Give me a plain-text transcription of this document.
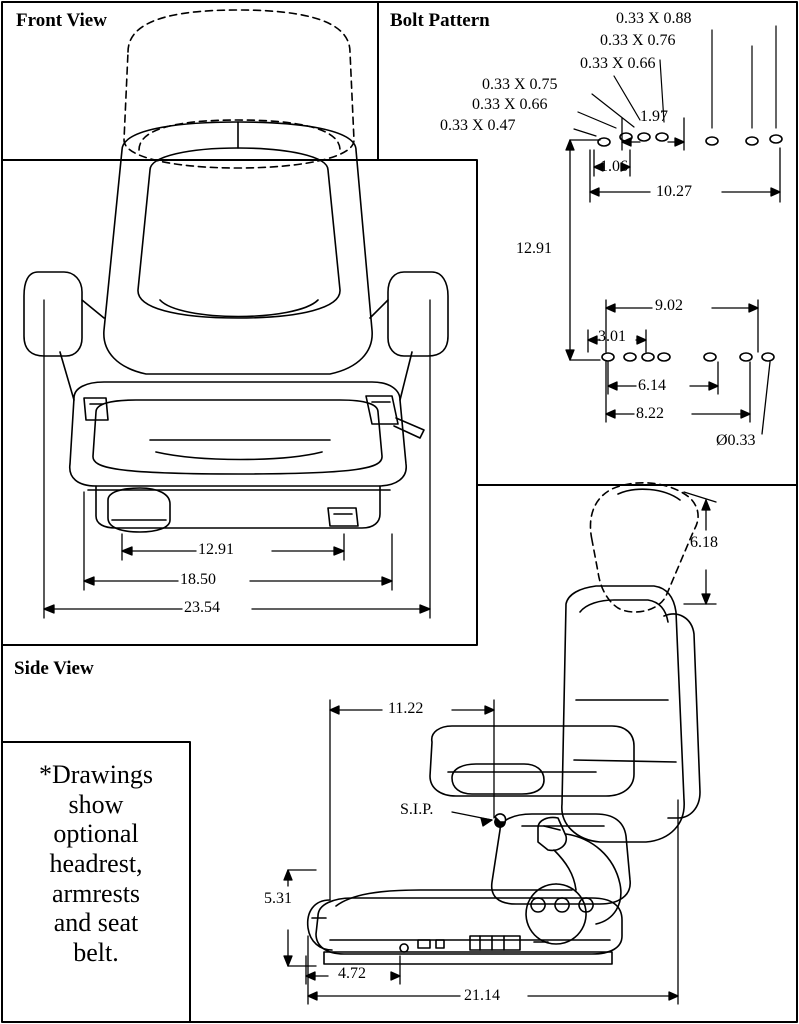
Front View	Bolt Pattern
Side View
12.91
18.50
23.54
0.33 X 0.88
0.33 X 0.76
0.33 X 0.66
0.33 X 0.75
0.33 X 0.66
0.33 X 0.47
1.97
1.06
10.27
12.91
9.02
3.01
6.14
8.22
Ø0.33
6.18
11.22
S.I.P.
5.31
4.72
21.14
*Drawings
show
optional
headrest,
armrests
and seat
belt.
